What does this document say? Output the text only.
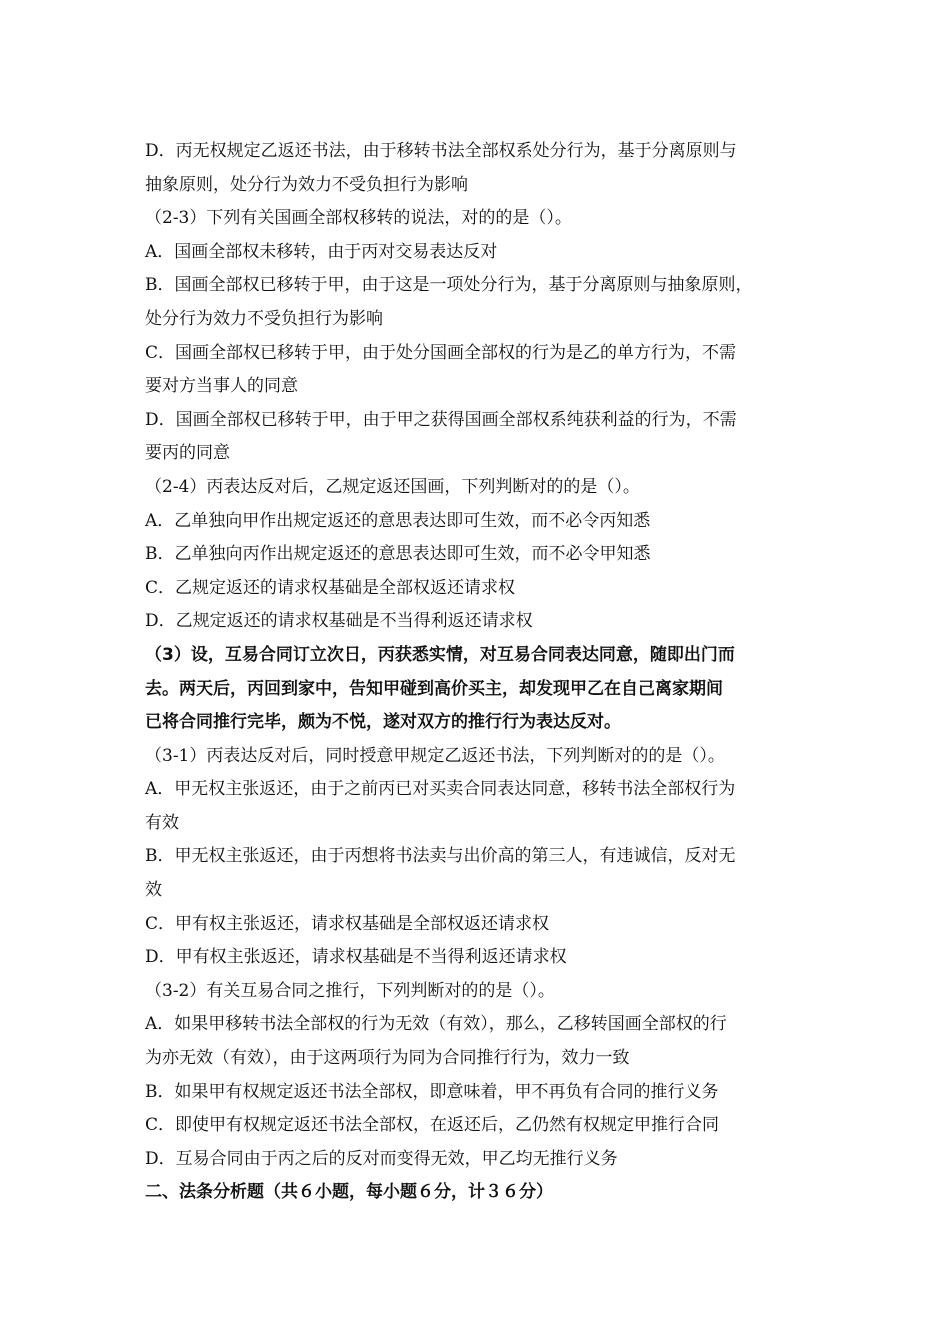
D．丙无权规定乙返还书法，由于移转书法全部权系处分行为，基于分离原则与
抽象原则，处分行为效力不受负担行为影响
（2-3）下列有关国画全部权移转的说法，对的的是（）。
A．国画全部权未移转，由于丙对交易表达反对
B．国画全部权已移转于甲，由于这是一项处分行为，基于分离原则与抽象原则，
处分行为效力不受负担行为影响
C．国画全部权已移转于甲，由于处分国画全部权的行为是乙的单方行为，不需
要对方当事人的同意
D．国画全部权已移转于甲，由于甲之获得国画全部权系纯获利益的行为，不需
要丙的同意
（2-4）丙表达反对后，乙规定返还国画，下列判断对的的是（）。
A．乙单独向甲作出规定返还的意思表达即可生效，而不必令丙知悉
B．乙单独向丙作出规定返还的意思表达即可生效，而不必令甲知悉
C．乙规定返还的请求权基础是全部权返还请求权
D．乙规定返还的请求权基础是不当得利返还请求权
（3）设，互易合同订立次日，丙获悉实情，对互易合同表达同意，随即出门而
去。两天后，丙回到家中，告知甲碰到高价买主，却发现甲乙在自己离家期间
已将合同推行完毕，颇为不悦，遂对双方的推行行为表达反对。
（3-1）丙表达反对后，同时授意甲规定乙返还书法，下列判断对的的是（）。
A．甲无权主张返还，由于之前丙已对买卖合同表达同意，移转书法全部权行为
有效
B．甲无权主张返还，由于丙想将书法卖与出价高的第三人，有违诚信，反对无
效
C．甲有权主张返还，请求权基础是全部权返还请求权
D．甲有权主张返还，请求权基础是不当得利返还请求权
（3-2）有关互易合同之推行，下列判断对的的是（）。
A．如果甲移转书法全部权的行为无效（有效），那么，乙移转国画全部权的行
为亦无效（有效），由于这两项行为同为合同推行行为，效力一致
B．如果甲有权规定返还书法全部权，即意味着，甲不再负有合同的推行义务
C．即使甲有权规定返还书法全部权，在返还后，乙仍然有权规定甲推行合同
D．互易合同由于丙之后的反对而变得无效，甲乙均无推行义务
二、法条分析题（共６小题，每小题６分，计３６分）
